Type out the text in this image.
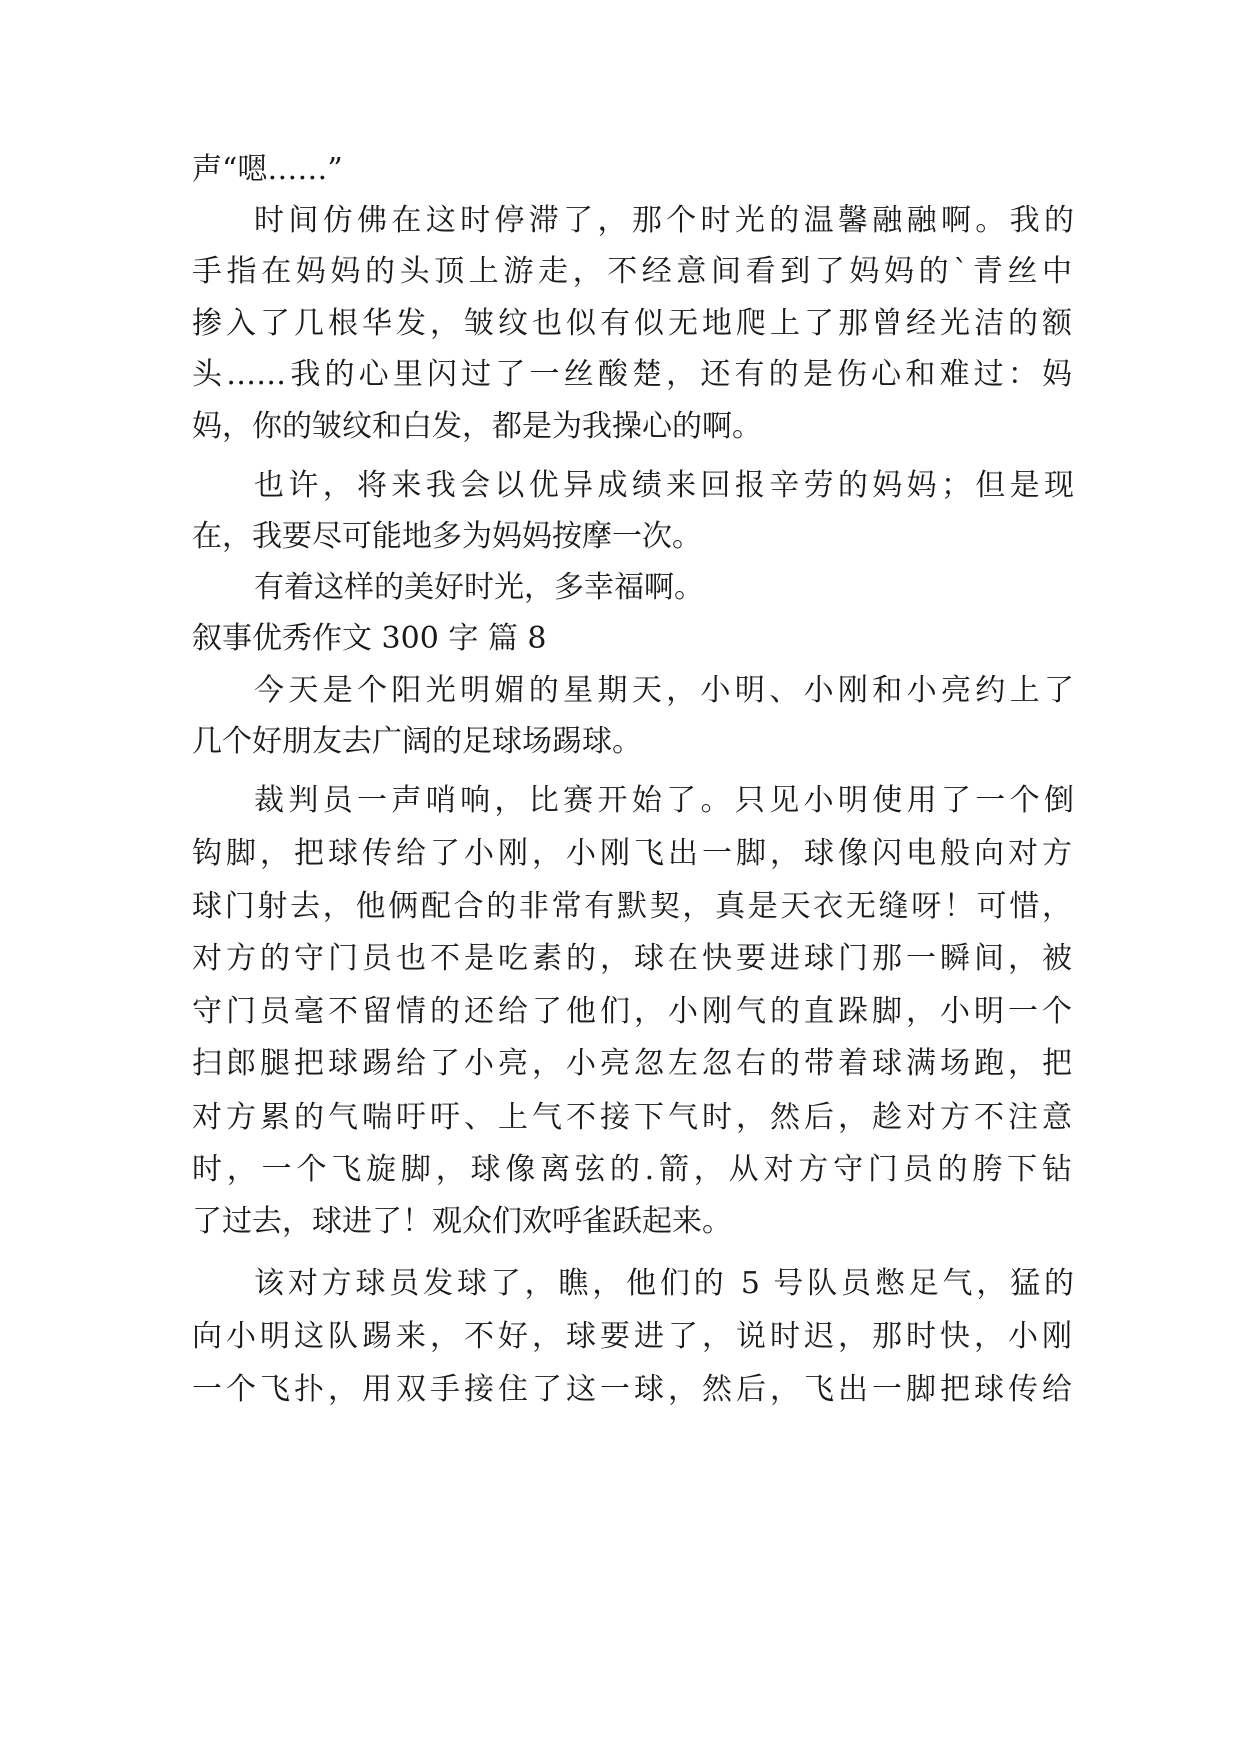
声“嗯……”
时间仿佛在这时停滞了，那个时光的温馨融融啊。我的
手指在妈妈的头顶上游走，不经意间看到了妈妈的`青丝中
掺入了几根华发，皱纹也似有似无地爬上了那曾经光洁的额
头……我的心里闪过了一丝酸楚，还有的是伤心和难过：妈
妈，你的皱纹和白发，都是为我操心的啊。
也许，将来我会以优异成绩来回报辛劳的妈妈；但是现
在，我要尽可能地多为妈妈按摩一次。
有着这样的美好时光，多幸福啊。
叙事优秀作文 300 字 篇 8
今天是个阳光明媚的星期天，小明、小刚和小亮约上了
几个好朋友去广阔的足球场踢球。
裁判员一声哨响，比赛开始了。只见小明使用了一个倒
钩脚，把球传给了小刚，小刚飞出一脚，球像闪电般向对方
球门射去，他俩配合的非常有默契，真是天衣无缝呀！可惜，
对方的守门员也不是吃素的，球在快要进球门那一瞬间，被
守门员毫不留情的还给了他们，小刚气的直跺脚，小明一个
扫郎腿把球踢给了小亮，小亮忽左忽右的带着球满场跑，把
对方累的气喘吁吁、上气不接下气时，然后，趁对方不注意
时，一个飞旋脚，球像离弦的.箭，从对方守门员的胯下钻
了过去，球进了！观众们欢呼雀跃起来。
该对方球员发球了，瞧，他们的 5 号队员憋足气，猛的
向小明这队踢来，不好，球要进了，说时迟，那时快，小刚
一个飞扑，用双手接住了这一球，然后，飞出一脚把球传给
